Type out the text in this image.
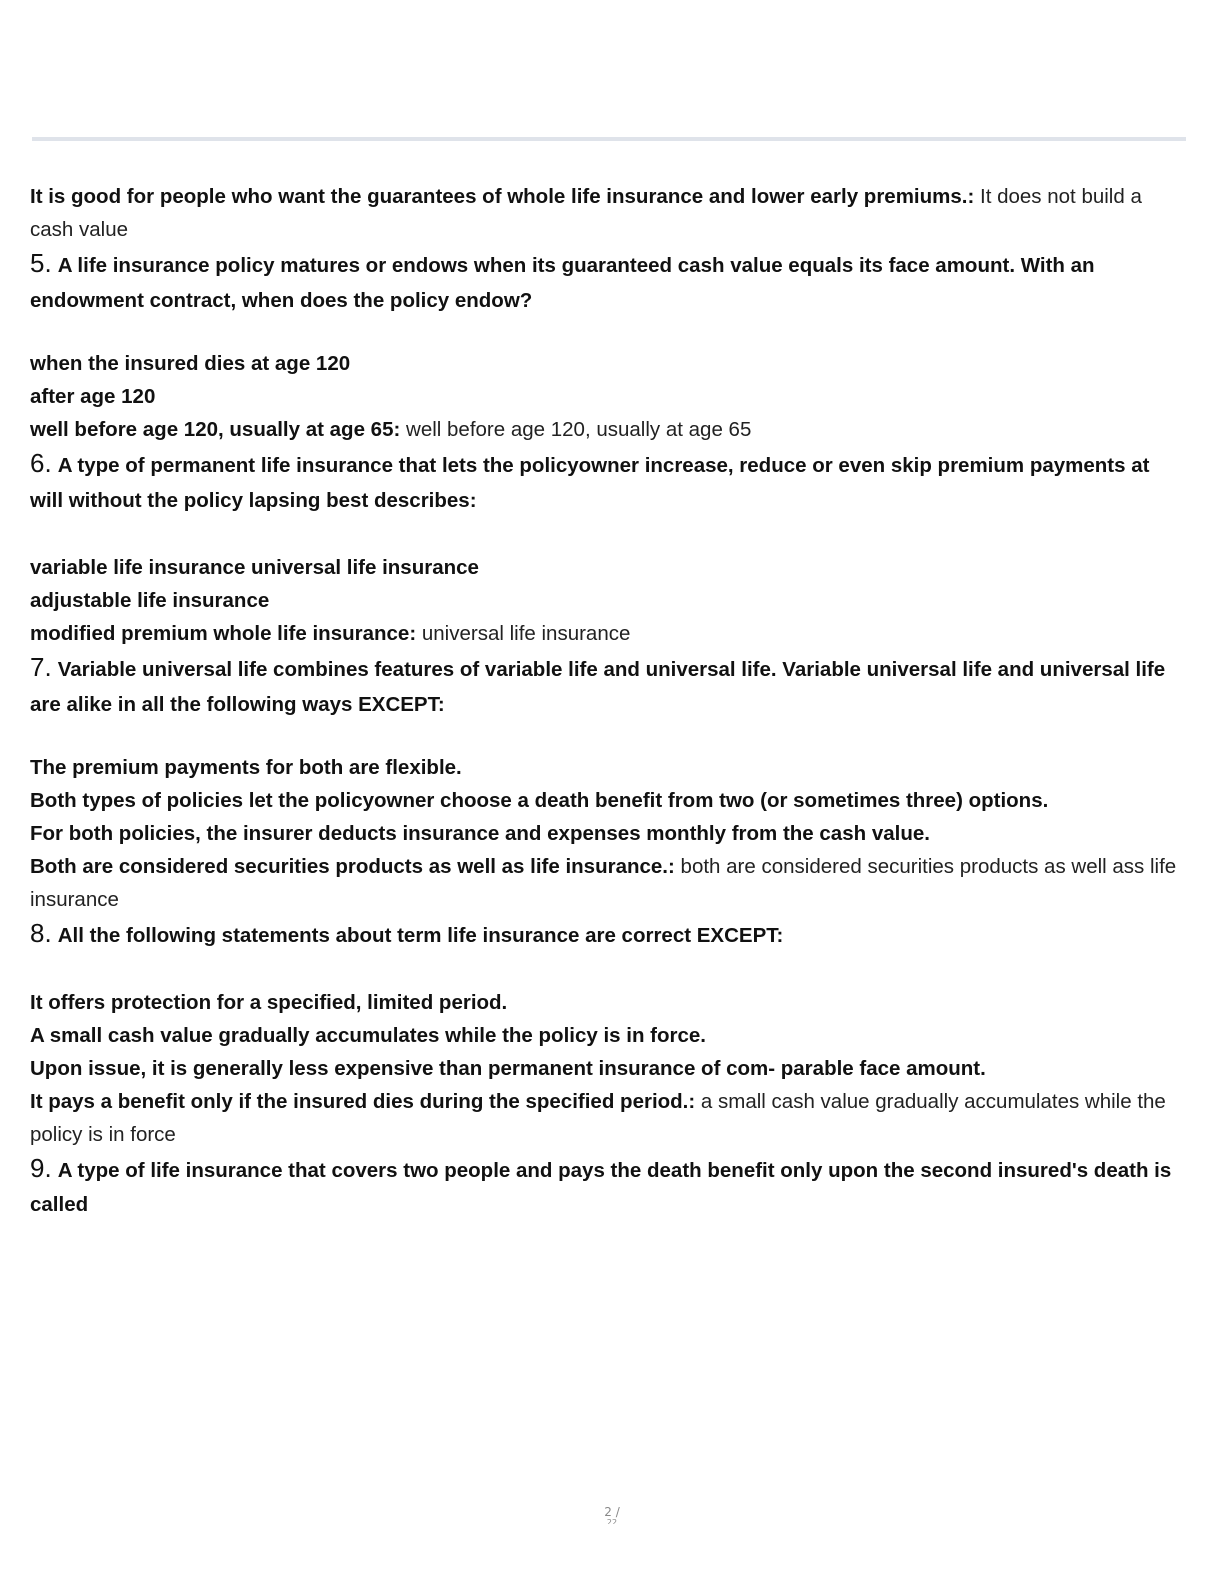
It is good for people who want the guarantees of whole life insurance and lower early premiums.: It does not build a cash value
5. A life insurance policy matures or endows when its guaranteed cash value equals its face amount. With an endowment contract, when does the policy endow?
when the insured dies at age 120
after age 120
well before age 120, usually at age 65: well before age 120, usually at age 65
6. A type of permanent life insurance that lets the policyowner increase, reduce or even skip premium payments at will without the policy lapsing best describes:
variable life insurance universal life insurance
adjustable life insurance
modified premium whole life insurance: universal life insurance
7. Variable universal life combines features of variable life and universal life. Variable universal life and universal life are alike in all the following ways EXCEPT:
The premium payments for both are flexible.
Both types of policies let the policyowner choose a death benefit from two (or sometimes three) options.
For both policies, the insurer deducts insurance and expenses monthly from the cash value.
Both are considered securities products as well as life insurance.: both are considered securities products as well ass life insurance
8. All the following statements about term life insurance are correct EXCEPT:
It offers protection for a specified, limited period.
A small cash value gradually accumulates while the policy is in force.
Upon issue, it is generally less expensive than permanent insurance of com- parable face amount.
It pays a benefit only if the insured dies during the specified period.: a small cash value gradually accumulates while the policy is in force
9. A type of life insurance that covers two people and pays the death benefit only upon the second insured's death is called
2 /
22
